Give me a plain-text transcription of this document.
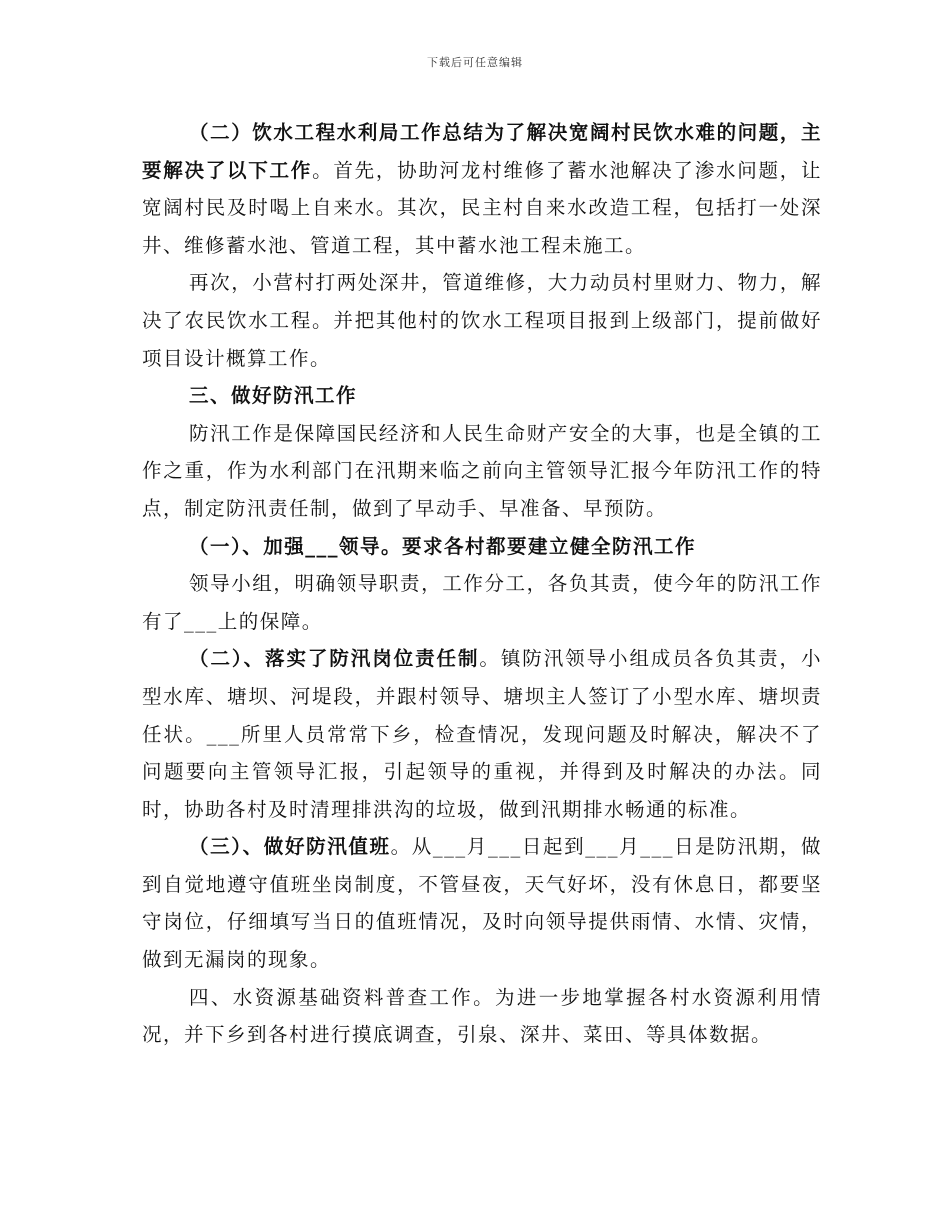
下载后可任意编辑

（二）饮水工程水利局工作总结为了解决宽阔村民饮水难的问题，主要解决了以下工作。首先，协助河龙村维修了蓄水池解决了渗水问题，让宽阔村民及时喝上自来水。其次，民主村自来水改造工程，包括打一处深井、维修蓄水池、管道工程，其中蓄水池工程未施工。

再次，小营村打两处深井，管道维修，大力动员村里财力、物力，解决了农民饮水工程。并把其他村的饮水工程项目报到上级部门，提前做好项目设计概算工作。

三、做好防汛工作

防汛工作是保障国民经济和人民生命财产安全的大事，也是全镇的工作之重，作为水利部门在汛期来临之前向主管领导汇报今年防汛工作的特点，制定防汛责任制，做到了早动手、早准备、早预防。

（一）、加强___领导。要求各村都要建立健全防汛工作

领导小组，明确领导职责，工作分工，各负其责，使今年的防汛工作有了___上的保障。

（二）、落实了防汛岗位责任制。镇防汛领导小组成员各负其责，小型水库、塘坝、河堤段，并跟村领导、塘坝主人签订了小型水库、塘坝责任状。___所里人员常常下乡，检查情况，发现问题及时解决，解决不了问题要向主管领导汇报，引起领导的重视，并得到及时解决的办法。同时，协助各村及时清理排洪沟的垃圾，做到汛期排水畅通的标准。

（三）、做好防汛值班。从___月___日起到___月___日是防汛期，做到自觉地遵守值班坐岗制度，不管昼夜，天气好坏，没有休息日，都要坚守岗位，仔细填写当日的值班情况，及时向领导提供雨情、水情、灾情，做到无漏岗的现象。

四、水资源基础资料普查工作。为进一步地掌握各村水资源利用情况，并下乡到各村进行摸底调查，引泉、深井、菜田、等具体数据。
